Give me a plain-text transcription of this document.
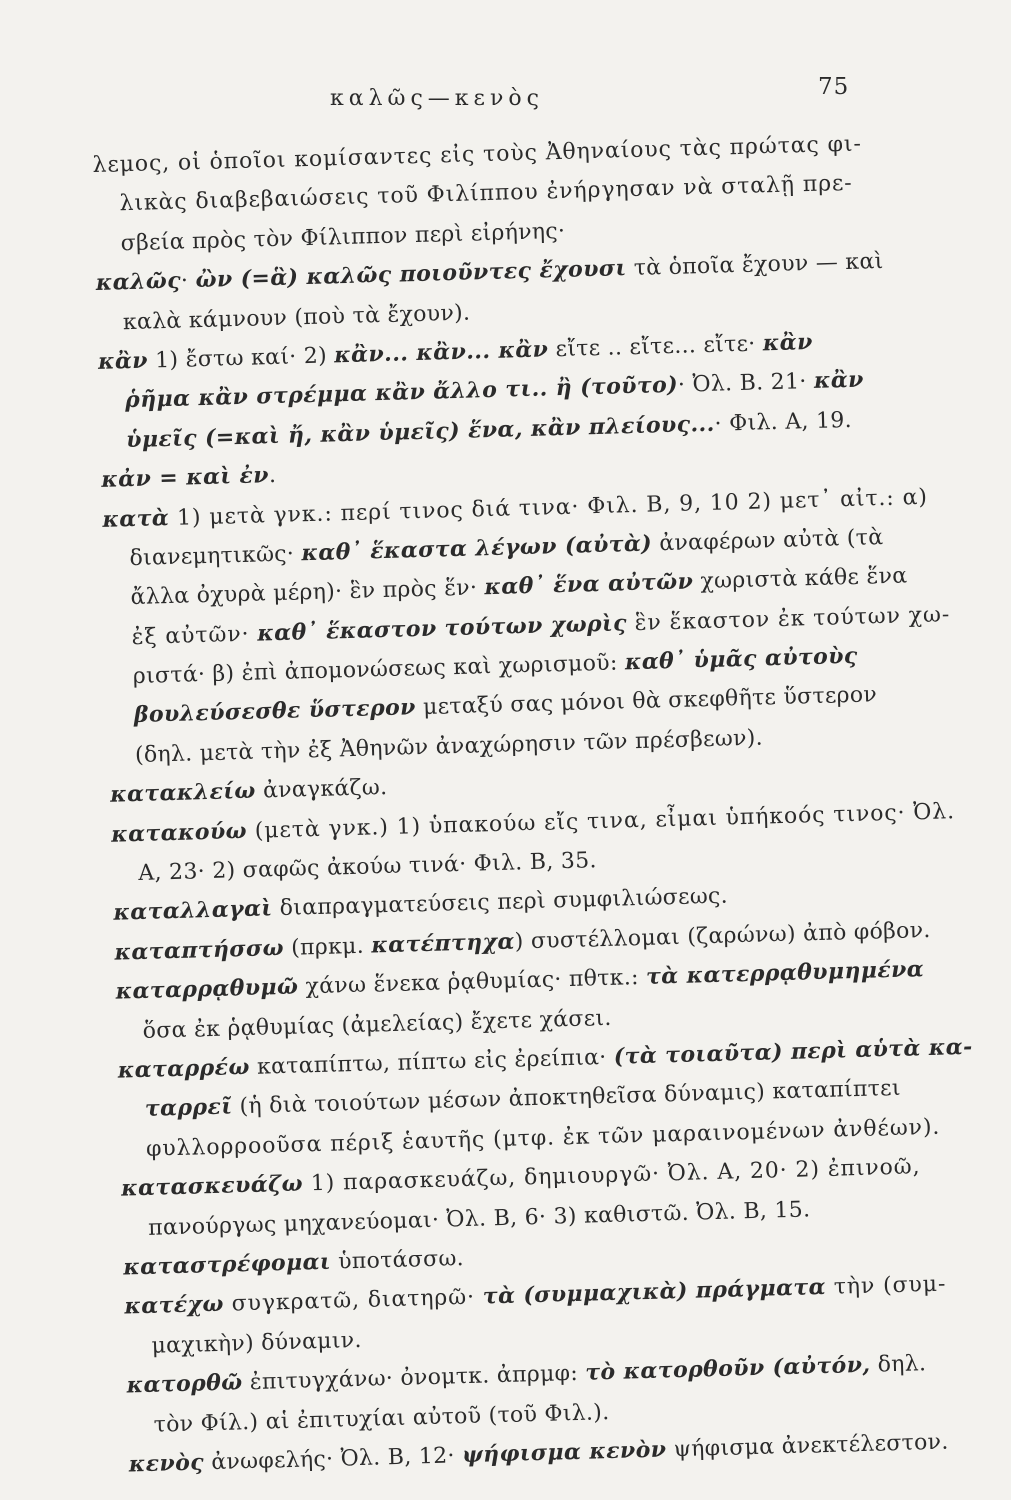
καλῶς—κενὸς	75
λεμος, οἱ ὁποῖοι κομίσαντες εἰς τοὺς Ἀθηναίους τὰς πρώτας φι-
λικὰς διαβεβαιώσεις τοῦ Φιλίππου ἐνήργησαν νὰ σταλῇ πρε-
σβεία πρὸς τὸν Φίλιππον περὶ εἰρήνης·
καλῶς· ὢν (=ἃ) καλῶς ποιοῦντες ἔχουσι τὰ ὁποῖα ἔχουν — καὶ
καλὰ κάμνουν (ποὺ τὰ ἔχουν).
κἂν 1) ἔστω καί· 2) κἂν... κἂν... κἂν εἴτε .. εἴτε... εἴτε· κἂν
ῥῆμα κἂν στρέμμα κἂν ἄλλο τι.. ἢ (τοῦτο)· Ὀλ. Β. 21· κἂν
ὑμεῖς (=καὶ ἤ, κἂν ὑμεῖς) ἕνα, κἂν πλείους...· Φιλ. Α, 19.
κἀν = καὶ ἐν.
κατὰ 1) μετὰ γνκ.: περί τινος διά τινα· Φιλ. Β, 9, 10 2) μετ᾽ αἰτ.: α)
διανεμητικῶς· καθ᾽ ἕκαστα λέγων (αὐτὰ) ἀναφέρων αὐτὰ (τὰ
ἄλλα ὀχυρὰ μέρη)· ἓν πρὸς ἕν· καθ᾽ ἕνα αὐτῶν χωριστὰ κάθε ἕνα
ἐξ αὐτῶν· καθ᾽ ἕκαστον τούτων χωρὶς ἓν ἕκαστον ἐκ τούτων χω-
ριστά· β) ἐπὶ ἀπομονώσεως καὶ χωρισμοῦ: καθ᾽ ὑμᾶς αὐτοὺς
βουλεύσεσθε ὕστερον μεταξύ σας μόνοι θὰ σκεφθῆτε ὕστερον
(δηλ. μετὰ τὴν ἐξ Ἀθηνῶν ἀναχώρησιν τῶν πρέσβεων).
κατακλείω ἀναγκάζω.
κατακούω (μετὰ γνκ.) 1) ὑπακούω εἴς τινα, εἶμαι ὑπήκοός τινος· Ὀλ.
Α, 23· 2) σαφῶς ἀκούω τινά· Φιλ. Β, 35.
καταλλαγαὶ διαπραγματεύσεις περὶ συμφιλιώσεως.
καταπτήσσω (πρκμ. κατέπτηχα) συστέλλομαι (ζαρώνω) ἀπὸ φόβον.
καταρρᾳθυμῶ χάνω ἕνεκα ῥᾳθυμίας· πθτκ.: τὰ κατερρᾳθυμημένα
ὅσα ἐκ ῥᾳθυμίας (ἀμελείας) ἔχετε χάσει.
καταρρέω καταπίπτω, πίπτω εἰς ἐρείπια· (τὰ τοιαῦτα) περὶ αὑτὰ κα-
ταρρεῖ (ἡ διὰ τοιούτων μέσων ἀποκτηθεῖσα δύναμις) καταπίπτει
φυλλορροοῦσα πέριξ ἑαυτῆς (μτφ. ἐκ τῶν μαραινομένων ἀνθέων).
κατασκευάζω 1) παρασκευάζω, δημιουργῶ· Ὀλ. Α, 20· 2) ἐπινοῶ,
πανούργως μηχανεύομαι· Ὀλ. Β, 6· 3) καθιστῶ. Ὀλ. Β, 15.
καταστρέφομαι ὑποτάσσω.
κατέχω συγκρατῶ, διατηρῶ· τὰ (συμμαχικὰ) πράγματα τὴν (συμ-
μαχικὴν) δύναμιν.
κατορθῶ ἐπιτυγχάνω· ὀνομτκ. ἀπρμφ: τὸ κατορθοῦν (αὐτόν, δηλ.
τὸν Φίλ.) αἱ ἐπιτυχίαι αὐτοῦ (τοῦ Φιλ.).
κενὸς ἀνωφελής· Ὀλ. Β, 12· ψήφισμα κενὸν ψήφισμα ἀνεκτέλεστον.
